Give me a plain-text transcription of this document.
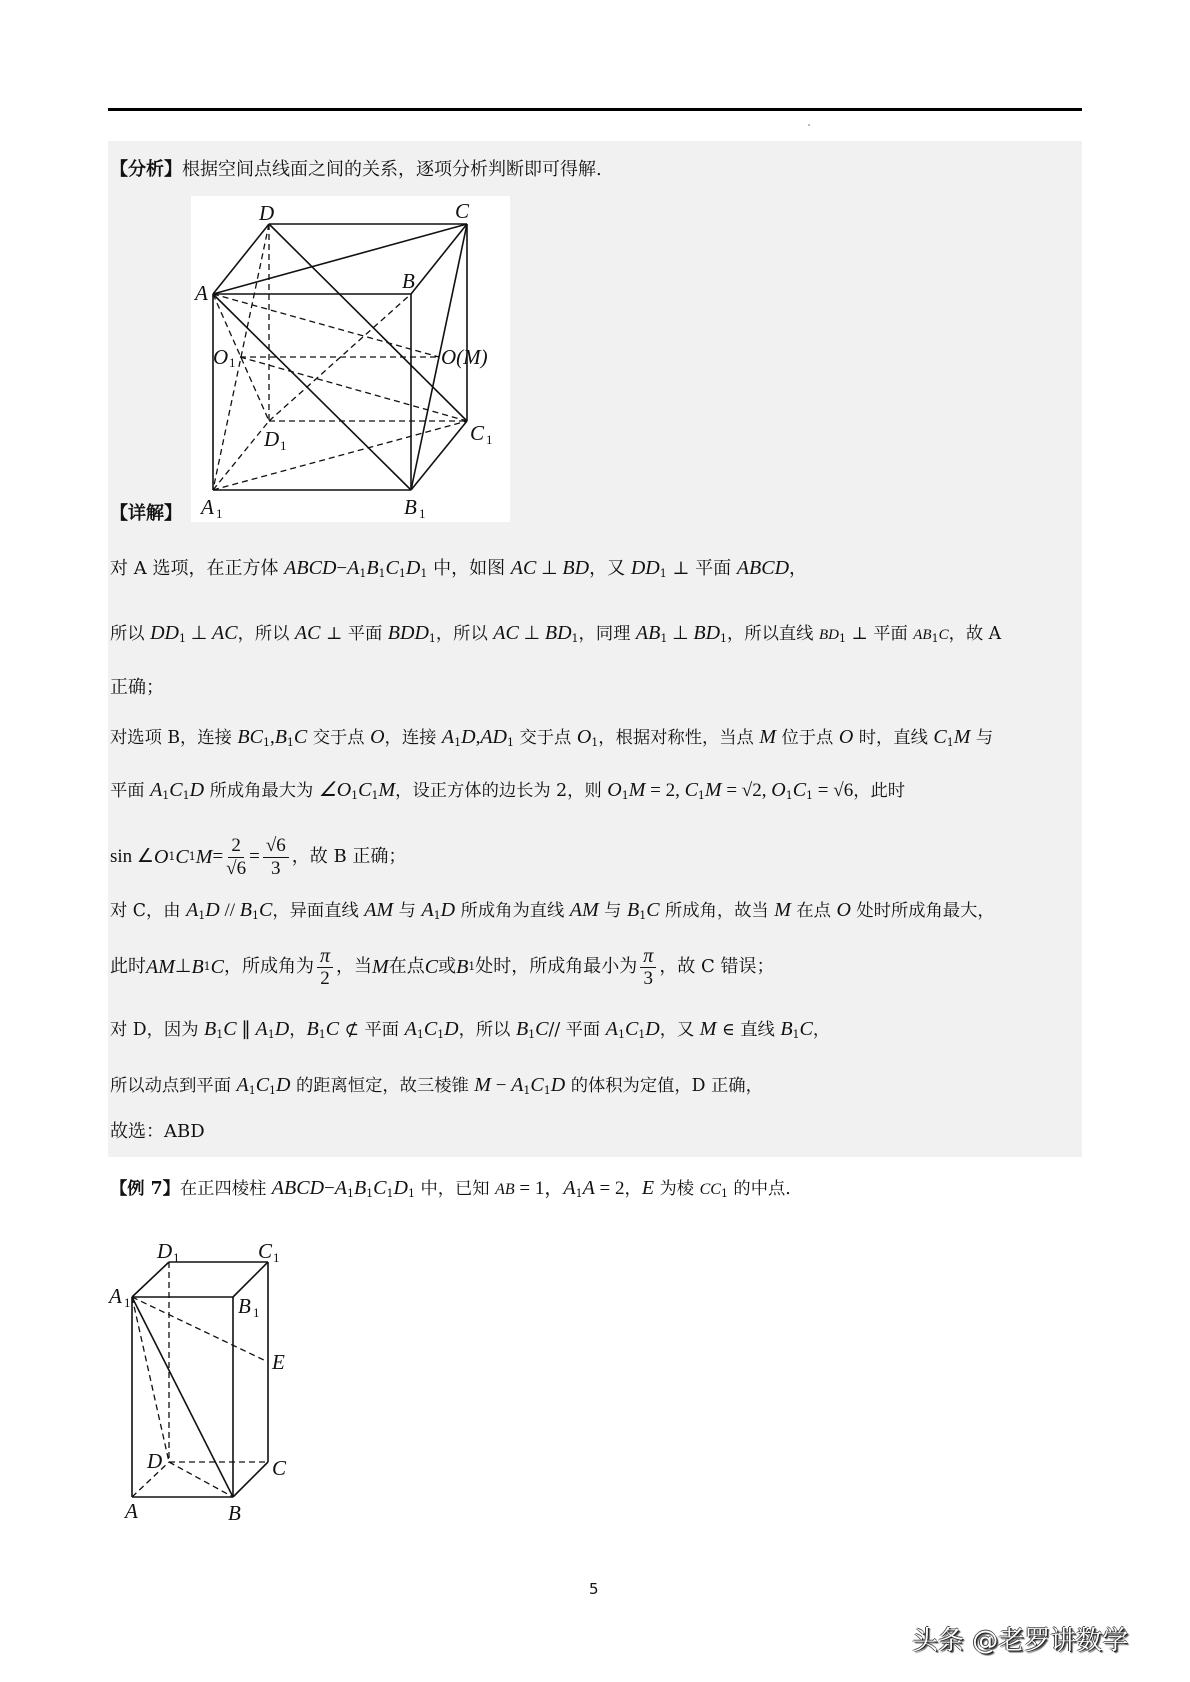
【分析】根据空间点线面之间的关系，逐项分析判断即可得解.
D	C
A	B
O 1	O(M)
D 1
C 1
A 1	B 1
【详解】
对 A 选项，在正方体 $ABCD-A_1B_1C_1D_1$ 中，如图 AC ⊥ BD，又 $DD_1$ ⊥ 平面 ABCD，
所以 $DD_1$ ⊥ AC，所以 AC ⊥ 平面 $BDD_1$，所以 AC ⊥ $BD_1$，同理 $AB_1$ ⊥ $BD_1$，所以直线 $BD_1$ ⊥ 平面 $AB_1C$，故 A
正确；
对选项 B，连接 $BC_1,B_1C$ 交于点 O，连接 $A_1D,AD_1$ 交于点 $O_1$，根据对称性，当点 M 位于点 O 时，直线 $C_1M$ 与
平面 $A_1C_1D$ 所成角最大为 $\angle O_1C_1M$，设正方体的边长为 2，则 $O_1M = 2$, $C_1M = √2$, $O_1C_1 = √6$，此时
sin ∠ O 1 C 1 $M = \frac{2}{√6} = \frac{√6}{3}$ ，故 B 正确；
对 C，由 $A_1D // B_1C$，异面直线 AM 与 $A_1D$ 所成角为直线 AM 与 $B_1C$ 所成角，故当 M 在点 O 处时所成角最大，
此时 AM ⊥ B 1 C ，所成角为 $\frac{\pi}{2}$ ，当 M 在点 C 或 B 1 处时，所成角最小为 $\frac{\pi}{3}$ ，故 C 错误；
对 D，因为 $B_1C$ ∥ $A_1D$，$B_1C$ ⊄ 平面 $A_1C_1D$，所以 $B_1C//$ 平面 $A_1C_1D$，又 M ∈ 直线 $B_1C$，
所以动点到平面 $A_1C_1D$ 的距离恒定，故三棱锥 $M - A_1C_1D$ 的体积为定值，D 正确，
故选：ABD
【例 7】在正四棱柱 $ABCD-A_1B_1C_1D_1$ 中，已知 AB = 1，$A_1A = 2$，E 为棱 $CC_1$ 的中点.
D 1	C 1
A 1	B 1
E
D	C
A	B
5
头条 @老罗讲数学
